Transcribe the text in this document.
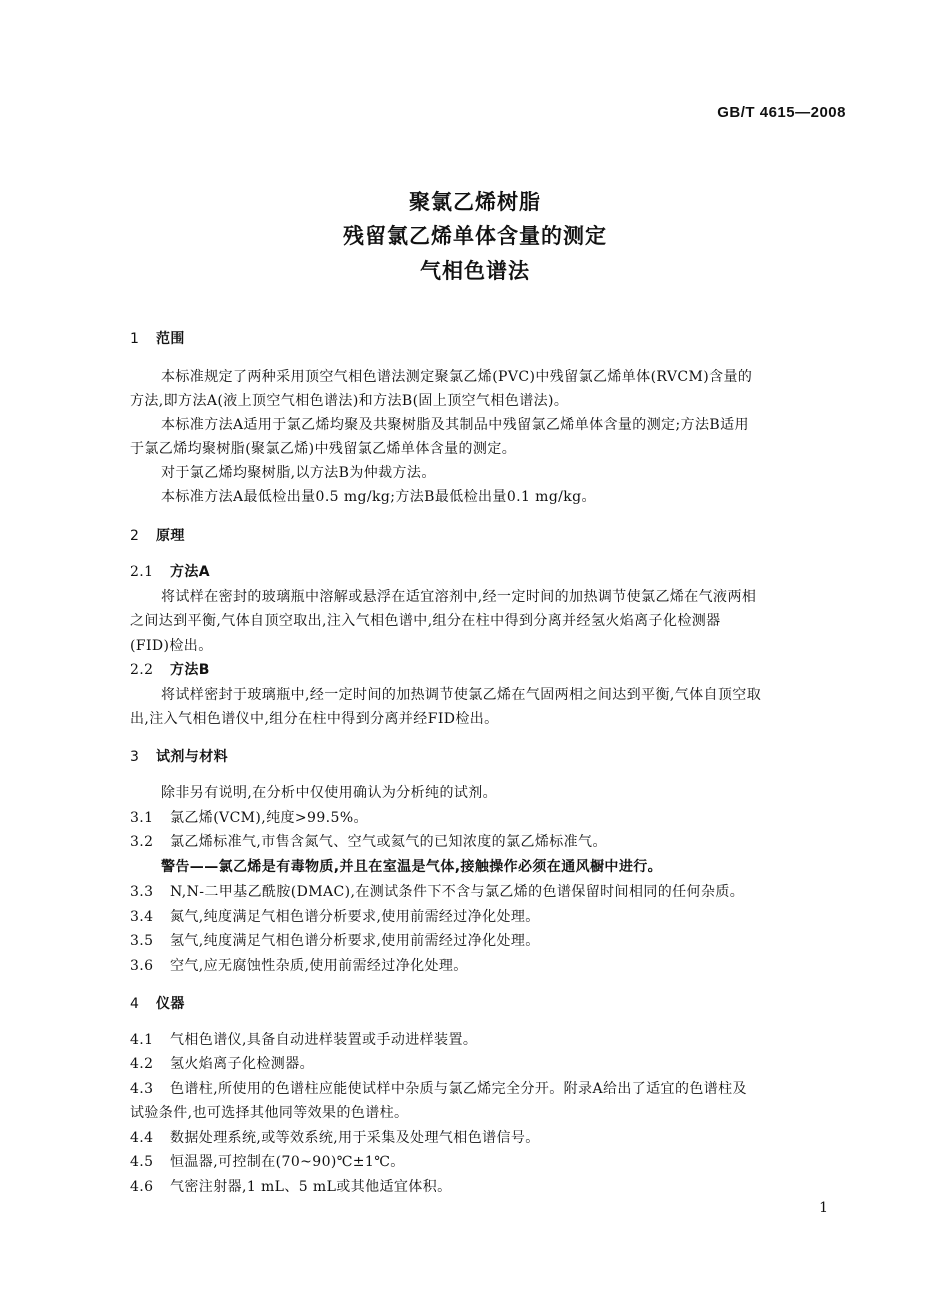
GB/T 4615—2008
聚氯乙烯树脂
残留氯乙烯单体含量的测定
气相色谱法
1 范围
本标准规定了两种采用顶空气相色谱法测定聚氯乙烯(PVC)中残留氯乙烯单体(RVCM)含量的
方法,即方法A(液上顶空气相色谱法)和方法B(固上顶空气相色谱法)。
本标准方法A适用于氯乙烯均聚及共聚树脂及其制品中残留氯乙烯单体含量的测定;方法B适用
于氯乙烯均聚树脂(聚氯乙烯)中残留氯乙烯单体含量的测定。
对于氯乙烯均聚树脂,以方法B为仲裁方法。
本标准方法A最低检出量0.5 mg/kg;方法B最低检出量0.1 mg/kg。
2 原理
2.1 方法A
将试样在密封的玻璃瓶中溶解或悬浮在适宜溶剂中,经一定时间的加热调节使氯乙烯在气液两相
之间达到平衡,气体自顶空取出,注入气相色谱中,组分在柱中得到分离并经氢火焰离子化检测器
(FID)检出。
2.2 方法B
将试样密封于玻璃瓶中,经一定时间的加热调节使氯乙烯在气固两相之间达到平衡,气体自顶空取
出,注入气相色谱仪中,组分在柱中得到分离并经FID检出。
3 试剂与材料
除非另有说明,在分析中仅使用确认为分析纯的试剂。
3.1 氯乙烯(VCM),纯度>99.5%。
3.2 氯乙烯标准气,市售含氮气、空气或氦气的已知浓度的氯乙烯标准气。
警告——氯乙烯是有毒物质,并且在室温是气体,接触操作必须在通风橱中进行。
3.3 N,N-二甲基乙酰胺(DMAC),在测试条件下不含与氯乙烯的色谱保留时间相同的任何杂质。
3.4 氮气,纯度满足气相色谱分析要求,使用前需经过净化处理。
3.5 氢气,纯度满足气相色谱分析要求,使用前需经过净化处理。
3.6 空气,应无腐蚀性杂质,使用前需经过净化处理。
4 仪器
4.1 气相色谱仪,具备自动进样装置或手动进样装置。
4.2 氢火焰离子化检测器。
4.3 色谱柱,所使用的色谱柱应能使试样中杂质与氯乙烯完全分开。附录A给出了适宜的色谱柱及
试验条件,也可选择其他同等效果的色谱柱。
4.4 数据处理系统,或等效系统,用于采集及处理气相色谱信号。
4.5 恒温器,可控制在(70~90)℃±1℃。
4.6 气密注射器,1 mL、5 mL或其他适宜体积。
1
